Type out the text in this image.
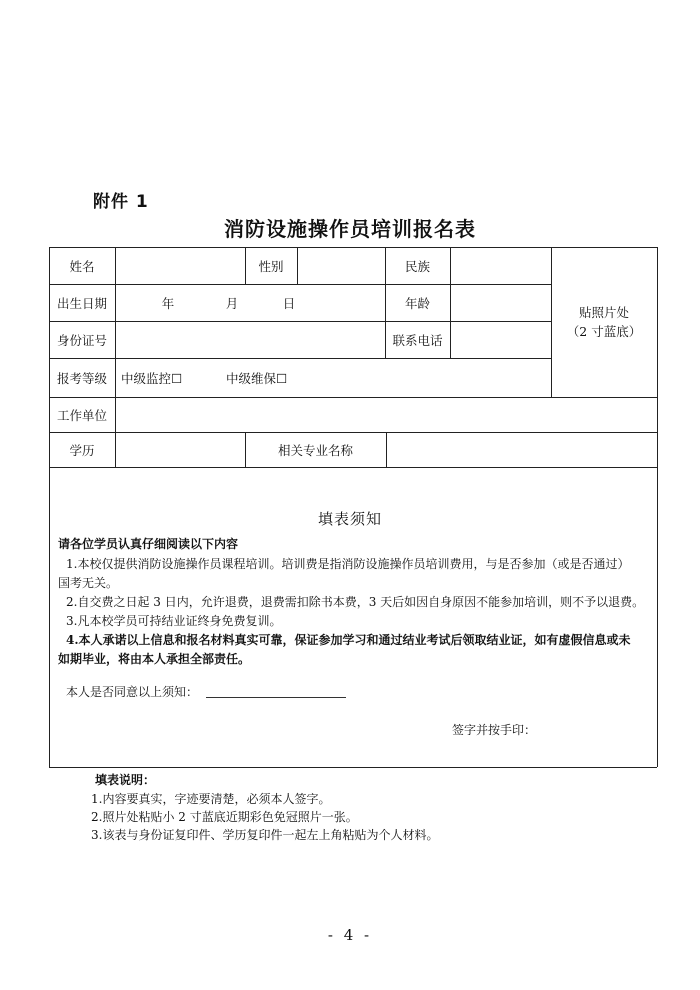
附件 1
消防设施操作员培训报名表
姓名	性别	民族
贴照片处
（2 寸蓝底）
出生日期	年	月	日	年龄
身份证号	联系电话
报考等级	中级监控☐	中级维保☐
工作单位
学历	相关专业名称
填表须知
请各位学员认真仔细阅读以下内容
1.本校仅提供消防设施操作员课程培训。培训费是指消防设施操作员培训费用，与是否参加（或是否通过）
国考无关。
2.自交费之日起 3 日内，允许退费，退费需扣除书本费，3 天后如因自身原因不能参加培训，则不予以退费。
3.凡本校学员可持结业证终身免费复训。
4.本人承诺以上信息和报名材料真实可靠，保证参加学习和通过结业考试后领取结业证，如有虚假信息或未
如期毕业，将由本人承担全部责任。
本人是否同意以上须知：
签字并按手印：
填表说明：
1.内容要真实，字迹要清楚，必须本人签字。
2.照片处粘贴小 2 寸蓝底近期彩色免冠照片一张。
3.该表与身份证复印件、学历复印件一起左上角粘贴为个人材料。
- 4 -
